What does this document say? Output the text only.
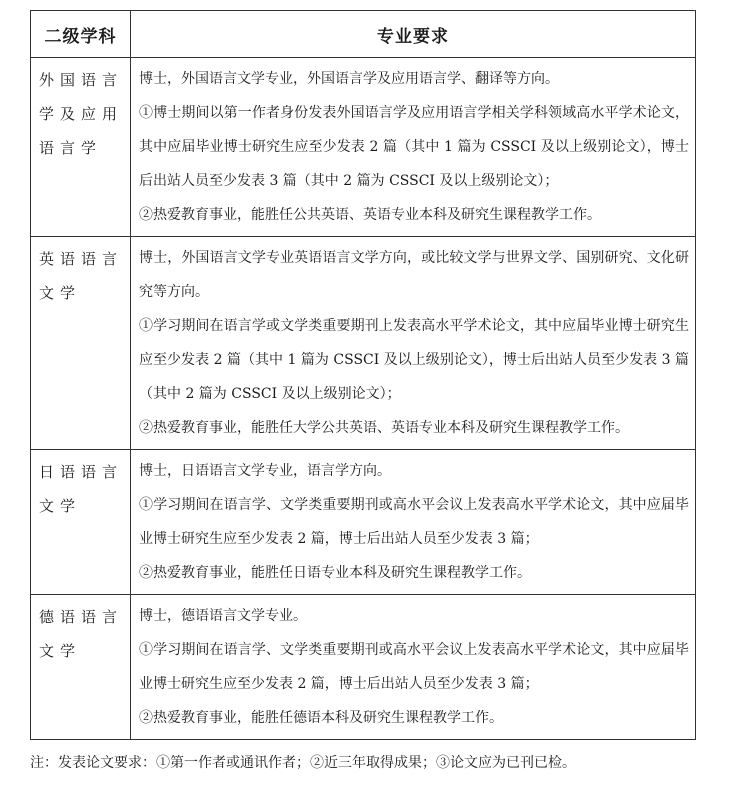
二级学科	专业要求
外国语言学及应用语言学	博士，外国语言文学专业，外国语言学及应用语言学、翻译等方向。
①博士期间以第一作者身份发表外国语言学及应用语言学相关学科领域高水平学术论文，其中应届毕业博士研究生应至少发表 2 篇（其中 1 篇为 CSSCI 及以上级别论文），博士后出站人员至少发表 3 篇（其中 2 篇为 CSSCI 及以上级别论文）；
②热爱教育事业，能胜任公共英语、英语专业本科及研究生课程教学工作。

英语语言文学	博士，外国语言文学专业英语语言文学方向，或比较文学与世界文学、国别研究、文化研究等方向。
①学习期间在语言学或文学类重要期刊上发表高水平学术论文，其中应届毕业博士研究生应至少发表 2 篇（其中 1 篇为 CSSCI 及以上级别论文），博士后出站人员至少发表 3 篇（其中 2 篇为 CSSCI 及以上级别论文）；
②热爱教育事业，能胜任大学公共英语、英语专业本科及研究生课程教学工作。

日语语言文学	博士，日语语言文学专业，语言学方向。
①学习期间在语言学、文学类重要期刊或高水平会议上发表高水平学术论文，其中应届毕业博士研究生应至少发表 2 篇，博士后出站人员至少发表 3 篇；
②热爱教育事业，能胜任日语专业本科及研究生课程教学工作。

德语语言文学	博士，德语语言文学专业。
①学习期间在语言学、文学类重要期刊或高水平会议上发表高水平学术论文，其中应届毕业博士研究生应至少发表 2 篇，博士后出站人员至少发表 3 篇；
②热爱教育事业，能胜任德语本科及研究生课程教学工作。
注：发表论文要求：①第一作者或通讯作者；②近三年取得成果；③论文应为已刊已检。
